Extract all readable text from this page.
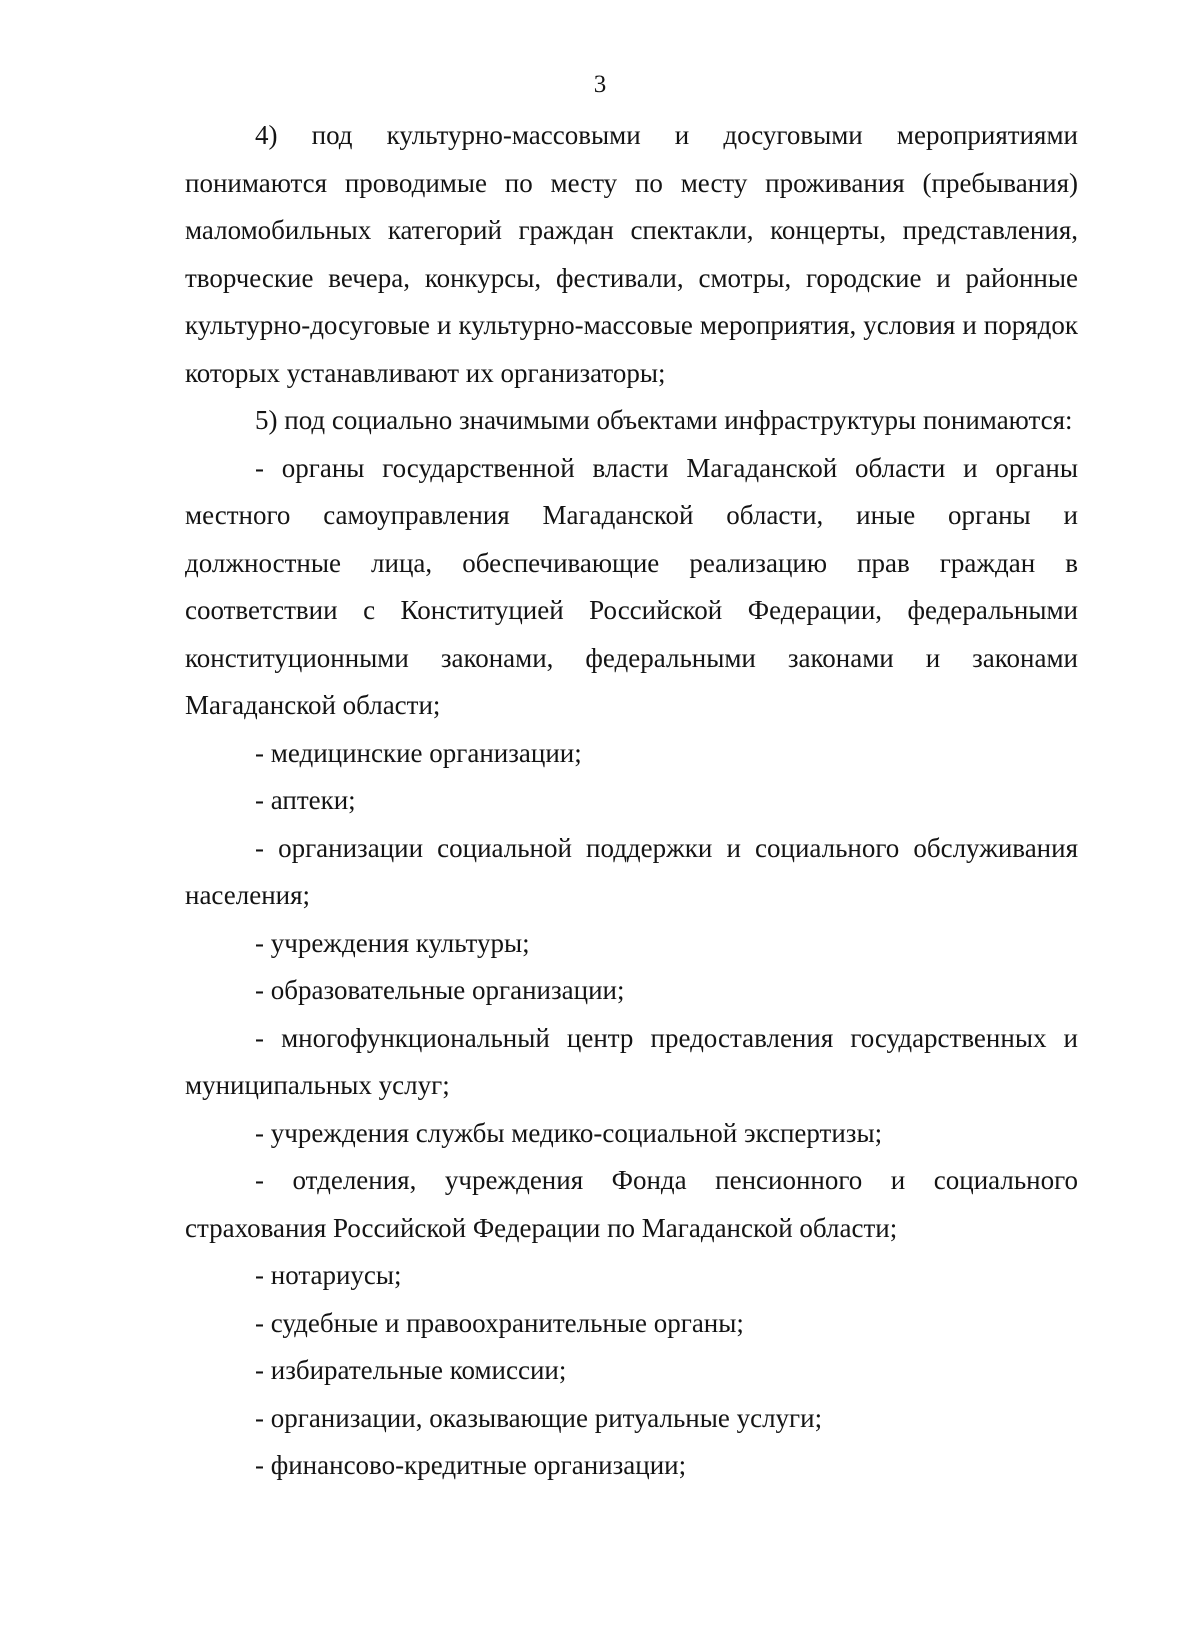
3

4) под культурно-массовыми и досуговыми мероприятиями понимаются проводимые по месту по месту проживания (пребывания) маломобильных категорий граждан спектакли, концерты, представления, творческие вечера, конкурсы, фестивали, смотры, городские и районные культурно-досуговые и культурно-массовые мероприятия, условия и порядок которых устанавливают их организаторы;

5) под социально значимыми объектами инфраструктуры понимаются:

- органы государственной власти Магаданской области и органы местного самоуправления Магаданской области, иные органы и должностные лица, обеспечивающие реализацию прав граждан в соответствии с Конституцией Российской Федерации, федеральными конституционными законами, федеральными законами и законами Магаданской области;

- медицинские организации;

- аптеки;

- организации социальной поддержки и социального обслуживания населения;

- учреждения культуры;

- образовательные организации;

- многофункциональный центр предоставления государственных и муниципальных услуг;

- учреждения службы медико-социальной экспертизы;

- отделения, учреждения Фонда пенсионного и социального страхования Российской Федерации по Магаданской области;

- нотариусы;

- судебные и правоохранительные органы;

- избирательные комиссии;

- организации, оказывающие ритуальные услуги;

- финансово-кредитные организации;
